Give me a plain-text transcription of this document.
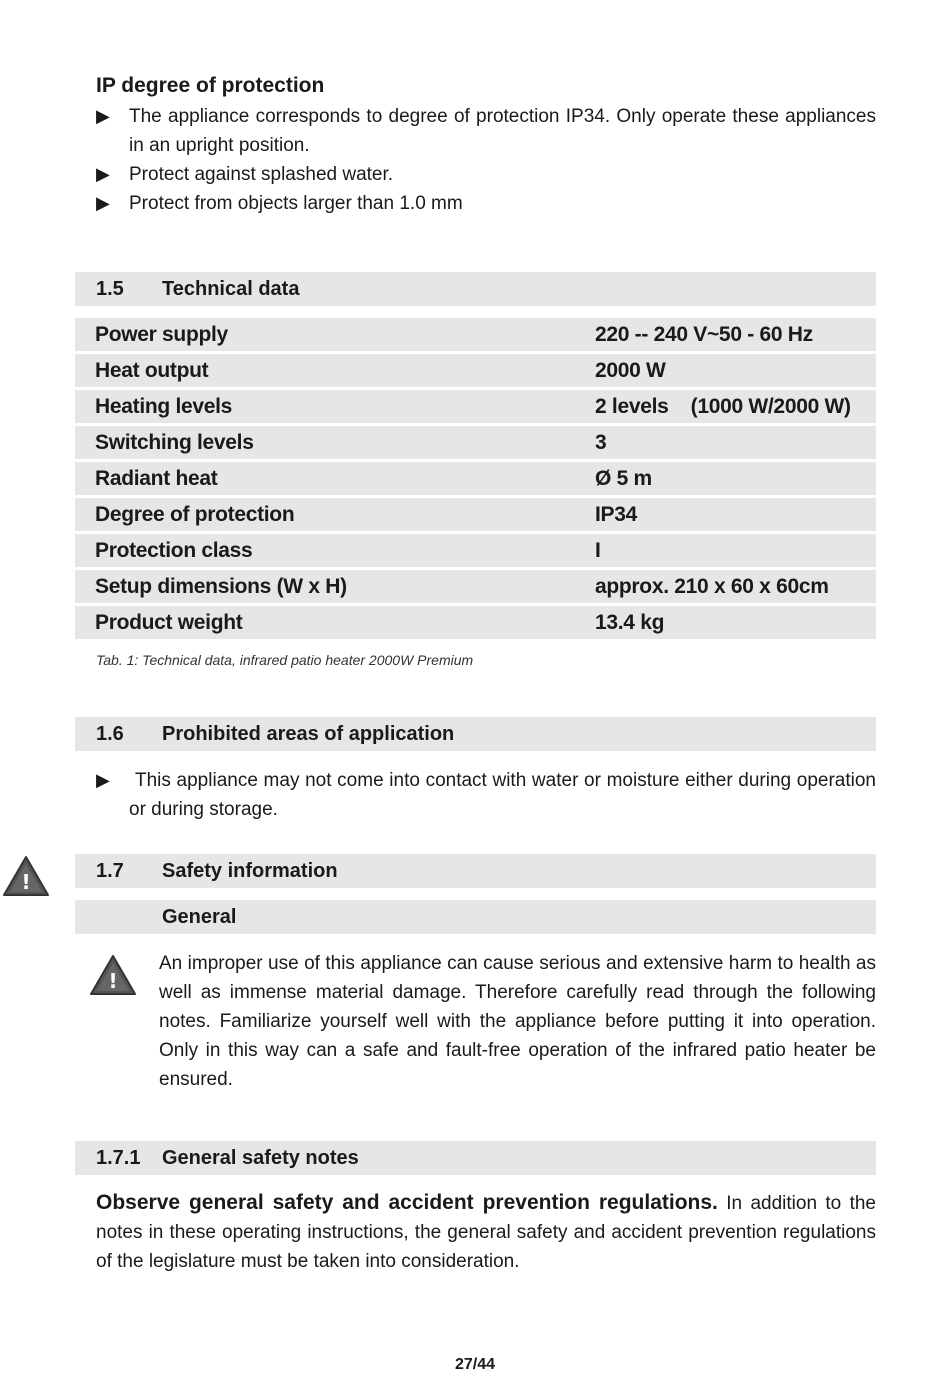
IP degree of protection
▶ The appliance corresponds to degree of protection IP34. Only operate these appliances in an upright position.
▶ Protect against splashed water.
▶ Protect from objects larger than 1.0 mm
1.5 Technical data
Power supply	220 -- 240 V~50 - 60 Hz
Heat output	2000 W
Heating levels	2 levels    (1000 W/2000 W)
Switching levels	3
Radiant heat	Ø 5 m
Degree of protection	IP34
Protection class	I
Setup dimensions (W x H)	approx. 210 x 60 x 60cm
Product weight	13.4 kg
Tab. 1: Technical data, infrared patio heater 2000W Premium
1.6 Prohibited areas of application
▶	This appliance may not come into contact with water or moisture either during operation or during storage.
!	1.7 Safety information
General
!
An improper use of this appliance can cause serious and extensive harm to health as well as immense material damage. Therefore carefully read through the following notes. Familiarize yourself well with the appliance before putting it into operation. Only in this way can a safe and fault-free operation of the infrared patio heater be ensured.
1.7.1 General safety notes
Observe general safety and accident prevention regulations. In addition to the notes in these operating instructions, the general safety and accident prevention regulations of the legislature must be taken into consideration.
27/44
